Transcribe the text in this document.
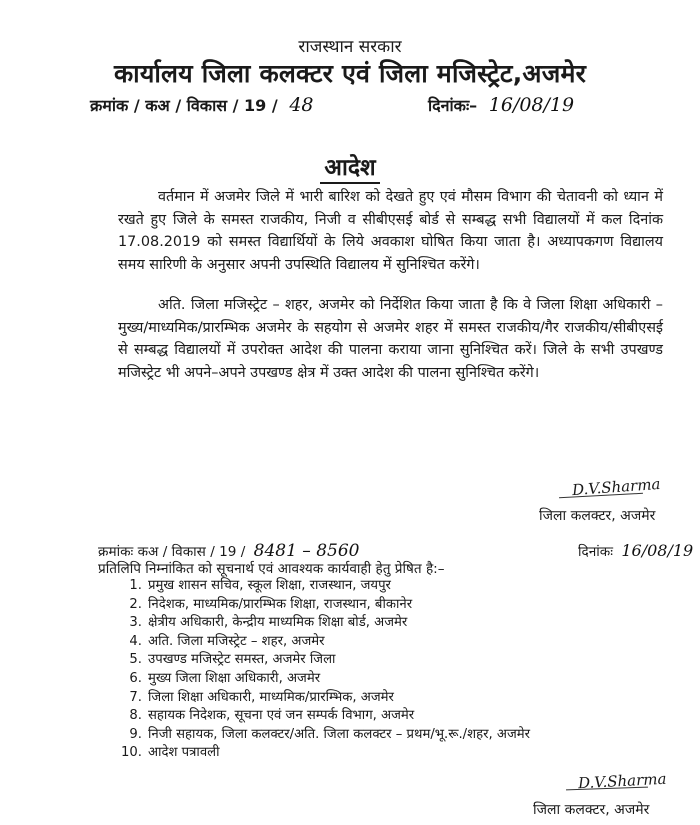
राजस्थान सरकार
कार्यालय जिला कलक्टर एवं जिला मजिस्ट्रेट,अजमेर
क्रमांक / कअ / विकास / 19 / 48	दिनांकः– 16/08/19
आदेश

वर्तमान में अजमेर जिले में भारी बारिश को देखते हुए एवं मौसम विभाग की चेतावनी को ध्यान में रखते हुए जिले के समस्त राजकीय, निजी व सीबीएसई बोर्ड से सम्बद्ध सभी विद्यालयों में कल दिनांक 17.08.2019 को समस्त विद्यार्थियों के लिये अवकाश घोषित किया जाता है। अध्यापकगण विद्यालय समय सारिणी के अनुसार अपनी उपस्थिति विद्यालय में सुनिश्चित करेंगे।

अति. जिला मजिस्ट्रेट – शहर, अजमेर को निर्देशित किया जाता है कि वे जिला शिक्षा अधिकारी – मुख्य/माध्यमिक/प्रारम्भिक अजमेर के सहयोग से अजमेर शहर में समस्त राजकीय/गैर राजकीय/सीबीएसई से सम्बद्ध विद्यालयों में उपरोक्त आदेश की पालना कराया जाना सुनिश्चित करें। जिले के सभी उपखण्ड मजिस्ट्रेट भी अपने–अपने उपखण्ड क्षेत्र में उक्त आदेश की पालना सुनिश्चित करेंगे।

D.V.Sharma
जिला कलक्टर, अजमेर
क्रमांकः कअ / विकास / 19 / 8481 – 8560	दिनांकः 16/08/19
प्रतिलिपि निम्नांकित को सूचनार्थ एवं आवश्यक कार्यवाही हेतु प्रेषित है:–
1. प्रमुख शासन सचिव, स्कूल शिक्षा, राजस्थान, जयपुर
2. निदेशक, माध्यमिक/प्रारम्भिक शिक्षा, राजस्थान, बीकानेर
3. क्षेत्रीय अधिकारी, केन्द्रीय माध्यमिक शिक्षा बोर्ड, अजमेर
4. अति. जिला मजिस्ट्रेट – शहर, अजमेर
5. उपखण्ड मजिस्ट्रेट समस्त, अजमेर जिला
6. मुख्य जिला शिक्षा अधिकारी, अजमेर
7. जिला शिक्षा अधिकारी, माध्यमिक/प्रारम्भिक, अजमेर
8. सहायक निदेशक, सूचना एवं जन सम्पर्क विभाग, अजमेर
9. निजी सहायक, जिला कलक्टर/अति. जिला कलक्टर – प्रथम/भू.रू./शहर, अजमेर
10. आदेश पत्रावली
D.V.Sharma
जिला कलक्टर, अजमेर
